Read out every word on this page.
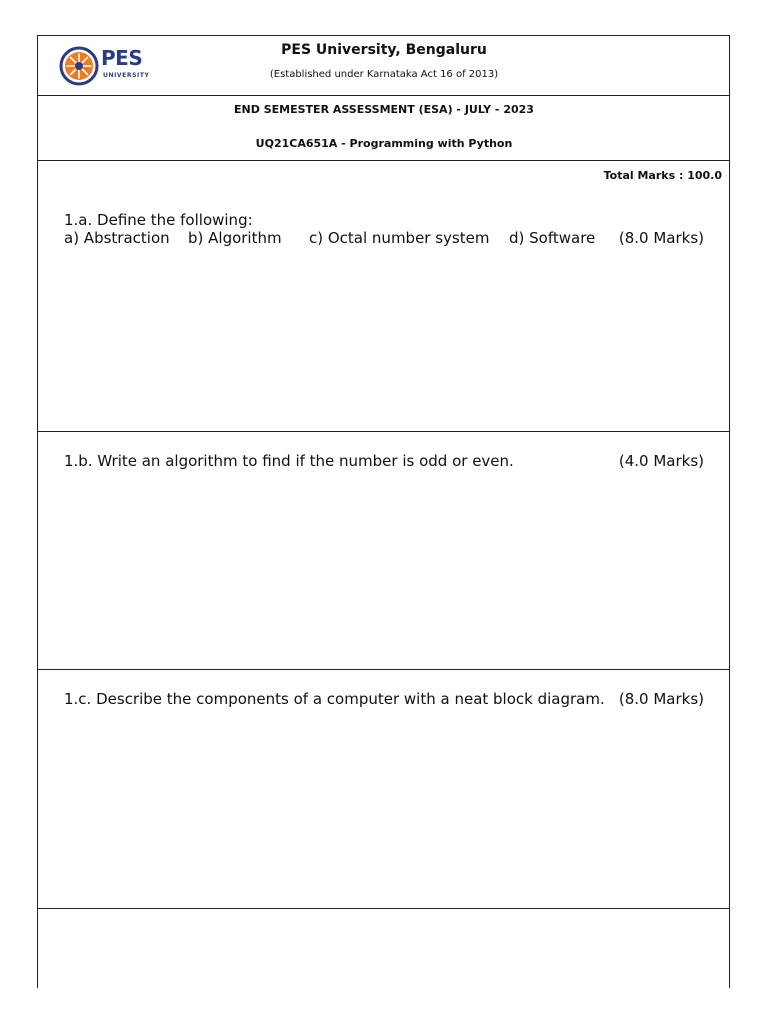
PES
UNIVERSITY
PES University, Bengaluru
(Established under Karnataka Act 16 of 2013)
END SEMESTER ASSESSMENT (ESA) - JULY - 2023
UQ21CA651A - Programming with Python
Total Marks : 100.0
1.a. Define the following:
a) Abstraction b) Algorithm c) Octal number system d) Software (8.0 Marks)
1.b. Write an algorithm to find if the number is odd or even.	(4.0 Marks)
1.c. Describe the components of a computer with a neat block diagram. (8.0 Marks)
